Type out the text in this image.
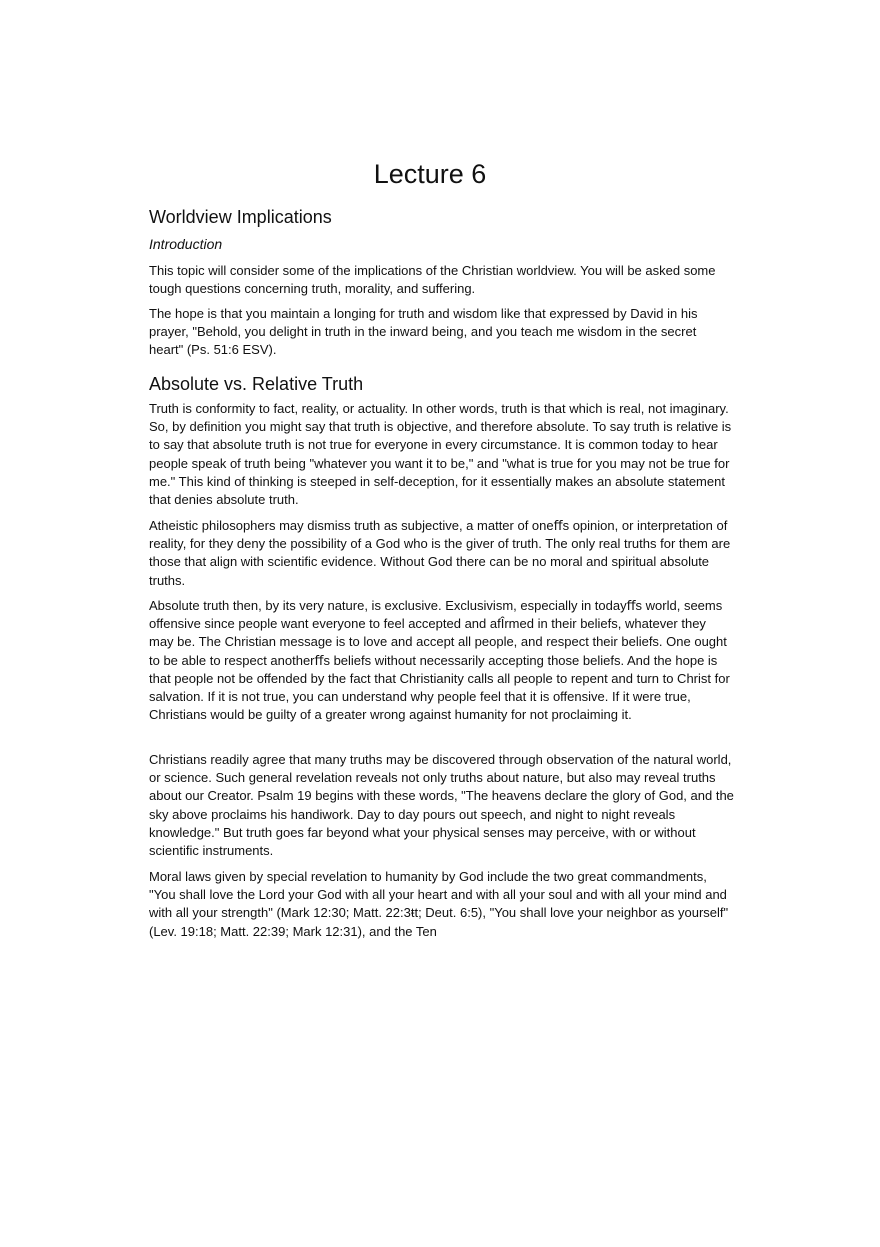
Lecture 6
Worldview Implications
Introduction

This topic will consider some of the implications of the Christian worldview. You will be asked some tough questions concerning truth, morality, and suffering.

The hope is that you maintain a longing for truth and wisdom like that expressed by David in his prayer, "Behold, you delight in truth in the inward being, and you teach me wisdom in the secret heart" (Ps. 51:6 ESV).

Absolute vs. Relative Truth

Truth is conformity to fact, reality, or actuality. In other words, truth is that which is real, not imaginary. So, by definition you might say that truth is objective, and therefore absolute. To say truth is relative is to say that absolute truth is not true for everyone in every circumstance. It is common today to hear people speak of truth being "whatever you want it to be," and "what is true for you may not be true for me." This kind of thinking is steeped in self-deception, for it essentially makes an absolute statement that denies absolute truth.

Atheistic philosophers may dismiss truth as subjective, a matter of oneﬀs opinion, or interpretation of reality, for they deny the possibility of a God who is the giver of truth. The only real truths for them are those that align with scientific evidence. Without God there can be no moral and spiritual absolute truths.

Absolute truth then, by its very nature, is exclusive. Exclusivism, especially in todayﬀs world, seems offensive since people want everyone to feel accepted and afÎrmed in their beliefs, whatever they may be. The Christian message is to love and accept all people, and respect their beliefs. One ought to be able to respect anotherﬀs beliefs without necessarily accepting those beliefs. And the hope is that people not be offended by the fact that Christianity calls all people to repent and turn to Christ for salvation. If it is not true, you can understand why people feel that it is offensive. If it were true, Christians would be guilty of a greater wrong against humanity for not proclaiming it.

Christians readily agree that many truths may be discovered through observation of the natural world, or science. Such general revelation reveals not only truths about nature, but also may reveal truths about our Creator. Psalm 19 begins with these words, "The heavens declare the glory of God, and the sky above proclaims his handiwork. Day to day pours out speech, and night to night reveals knowledge." But truth goes far beyond what your physical senses may perceive, with or without scientific instruments.

Moral laws given by special revelation to humanity by God include the two great commandments, "You shall love the Lord your God with all your heart and with all your soul and with all your mind and with all your strength" (Mark 12:30; Matt. 22:3ŧt; Deut. 6:5), "You shall love your neighbor as yourself" (Lev. 19:18; Matt. 22:39; Mark 12:31), and the Ten
